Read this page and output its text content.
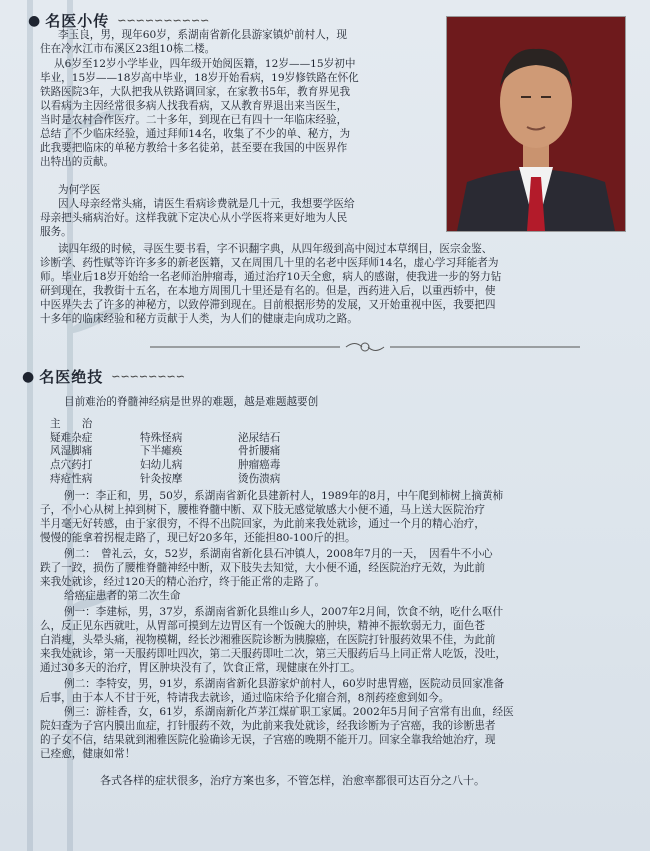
● 名医小传 ∽∽∽∽∽∽∽∽∽∽
李玉良，男，现年60岁，系湖南省新化县游家镇炉前村人，现
住在冷水江市布溪区23组10栋二楼。
从6岁至12岁小学毕业，四年级开始阅医籍，12岁——15岁初中
毕业，15岁——18岁高中毕业，18岁开始看病，19岁修铁路在怀化
铁路医院3年，大队把我从铁路调回家，在家教书5年，教育界见我
以看病为主因经常很多病人找我看病，又从教育界退出来当医生，
当时是农村合作医疗。二十多年，到现在已有四十一年临床经验，
总结了不少临床经验，通过拜师14名，收集了不少的单、秘方，为
此我要把临床的单秘方教给十多名徒弟，甚至要在我国的中医界作
出特出的贡献。
为何学医
因人母亲经常头痛，请医生看病诊费就是几十元，我想要学医给
母亲把头痛病治好。这样我就下定决心从小学医将来更好地为人民
服务。
读四年级的时候，寻医生要书看，字不识翻字典，从四年级到高中阅过本草纲目，医宗金鉴、
诊断学、药性赋等许许多多的新老医籍，又在周围几十里的名老中医拜师14名，虚心学习拜能者为
师。毕业后18岁开始给一名老师治肿瘤毒，通过治疗10天全愈，病人的感谢，使我进一步的努力钻
研到现在，我教街十五名，在本地方周围几十里还是有名的。但是，西药进入后，以重西轿中，使
中医界失去了许多的神秘方，以致停滞到现在。目前根据形势的发展，又开始重视中医，我要把四
十多年的临床经验和秘方贡献于人类，为人们的健康走向成功之路。
● 名医绝技 ∽∽∽∽∽∽∽∽
目前难治的脊髓神经病是世界的难题，越是难题越要创
主　　治
疑难杂症	特殊怪病	泌尿结石
风湿脚痛	下半瘫痪	骨折腰痛
点穴药打	妇幼儿病	肿瘤癌毒
痔疮性病	针灸按摩	烫伤溃病
例一：李正和，男，50岁，系湖南省新化县建新村人，1989年的8月，中午爬到柿树上摘黄柿
子，不小心从树上掉到树下，腰椎脊髓中断、双下肢无感觉敏感大小便不通，马上送大医院治疗
半月毫无好转感，由于家很穷，不得不出院回家，为此前来我处就诊，通过一个月的精心治疗，
慢慢的能拿着拐棍走路了，现已好20多年，还能担80-100斤的担。
例二：　曾礼云，女，52岁，系湖南省新化县石冲镇人，2008年7月的一天，　因看牛不小心
跌了一跤，损伤了腰椎脊髓神经中断，双下肢失去知觉，大小便不通，经医院治疗无效，为此前
来我处就诊，经过120天的精心治疗，终于能正常的走路了。
给癌症患者的第二次生命
例一：李建标，男，37岁，系湖南省新化县维山乡人，2007年2月间，饮食不纳，吃什么呕什
么，反正见东西就吐，从胃部可摸到左边胃区有一个饭碗大的肿块，精神不振软弱无力，面色苍
白消瘦，头晕头痛，视物模糊，经长沙湘雅医院诊断为胰腺癌，在医院打针服药效果不佳，为此前
来我处就诊，第一天服药即吐四次，第二天服药即吐二次，第三天服药后马上同正常人吃饭，没吐，
通过30多天的治疗，胃区肿块没有了，饮食正常，现健康在外打工。
例二：李特安，男，91岁，系湖南省新化县游家炉前村人，60岁时患胃癌，医院动员回家准备
后事，由于本人不甘于死，特请我去就诊，通过临床给予化瘤合剂，8剂药痊愈到如今。
例三：游桂香，女，61岁，系湖南新化芦茅江煤矿职工家属。2002年5月间子宫常有出血，经医
院妇查为子宫内膜出血症，打针服药不效，为此前来我处就诊，经我诊断为子宫癌，我的诊断患者
的子女不信，结果就到湘雅医院化验确诊无误，子宫癌的晚期不能开刀。回家全靠我给她治疗，现
已痊愈，健康如常！
各式各样的症状很多，治疗方案也多，不管怎样，治愈率都很可达百分之八十。
